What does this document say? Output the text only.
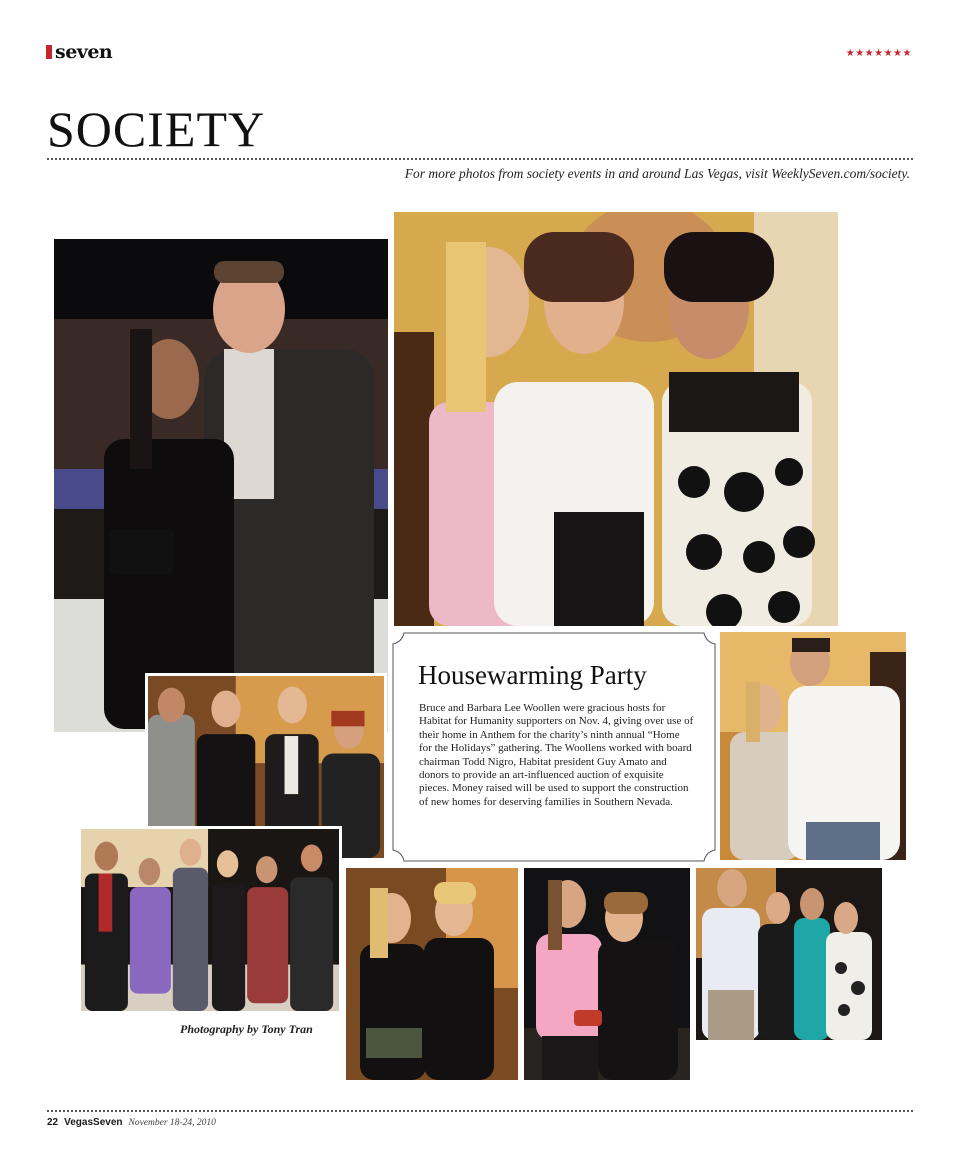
seven	★★★★★★★
SOCIETY
For more photos from society events in and around Las Vegas, visit WeeklySeven.com/society.
Housewarming Party
Bruce and Barbara Lee Woollen were gracious hosts for Habitat for Humanity supporters on Nov. 4, giving over use of their home in Anthem for the charity’s ninth annual “Home for the Holidays” gathering. The Woollens worked with board chairman Todd Nigro, Habitat president Guy Amato and donors to provide an art-influenced auction of exquisite pieces. Money raised will be used to support the construction of new homes for deserving families in Southern Nevada.
Photography by Tony Tran
22 VegasSeven November 18-24, 2010
